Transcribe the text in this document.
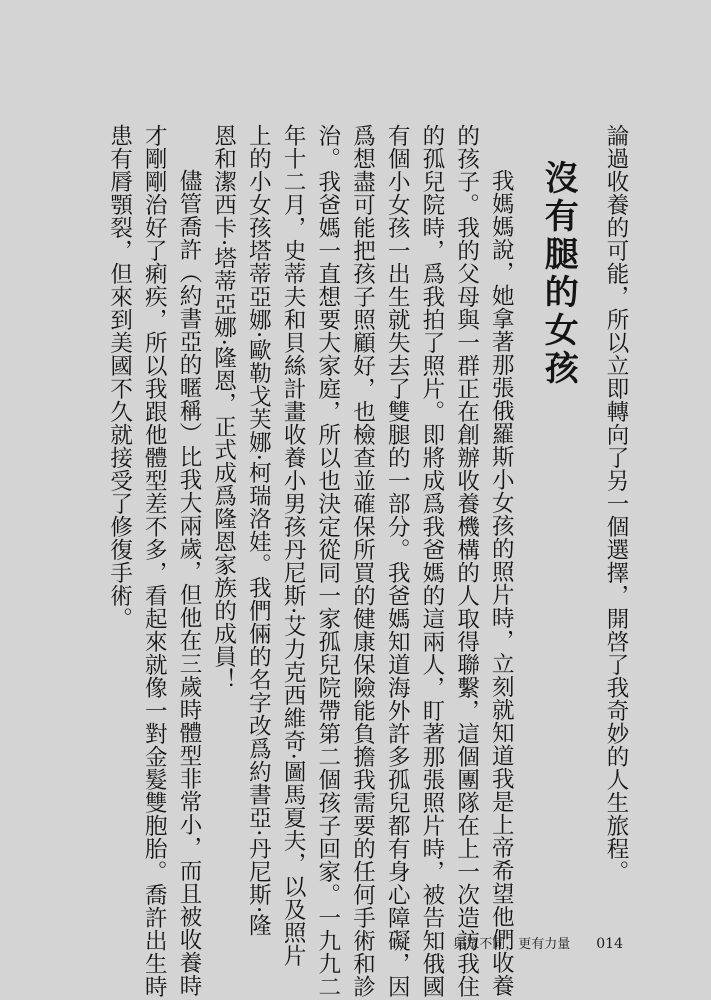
論過收養的可能，所以立即轉向了另一個選擇，開啓了我奇妙的人生旅程。

沒有腿的女孩

我媽媽說，她拿著那張俄羅斯小女孩的照片時，立刻就知道我是上帝希望他們收養

的孩子。我的父母與一群正在創辦收養機構的人取得聯繫，這個團隊在上一次造訪我住

的孤兒院時，爲我拍了照片。即將成爲我爸媽的這兩人，盯著那張照片時，被告知俄國

有個小女孩一出生就失去了雙腿的一部分。我爸媽知道海外許多孤兒都有身心障礙，因

爲想盡可能把孩子照顧好，也檢查並確保所買的健康保險能負擔我需要的任何手術和診

治。我爸媽一直想要大家庭，所以也決定從同一家孤兒院帶第二個孩子回家。一九九二

年十二月，史蒂夫和貝絲計畫收養小男孩丹尼斯·艾力克西維奇·圖馬夏夫，以及照片

上的小女孩塔蒂亞娜·歐勒戈芙娜·柯瑞洛娃。我們倆的名字改爲約書亞·丹尼斯·隆

恩和潔西卡·塔蒂亞娜·隆恩，正式成爲隆恩家族的成員！

儘管喬許（約書亞的暱稱）比我大兩歲，但他在三歲時體型非常小，而且被收養時

才剛剛治好了痢疾，所以我跟他體型差不多，看起來就像一對金髮雙胞胎。喬許出生時

患有脣顎裂，但來到美國不久就接受了修復手術。

與眾不同，更有力量 014
